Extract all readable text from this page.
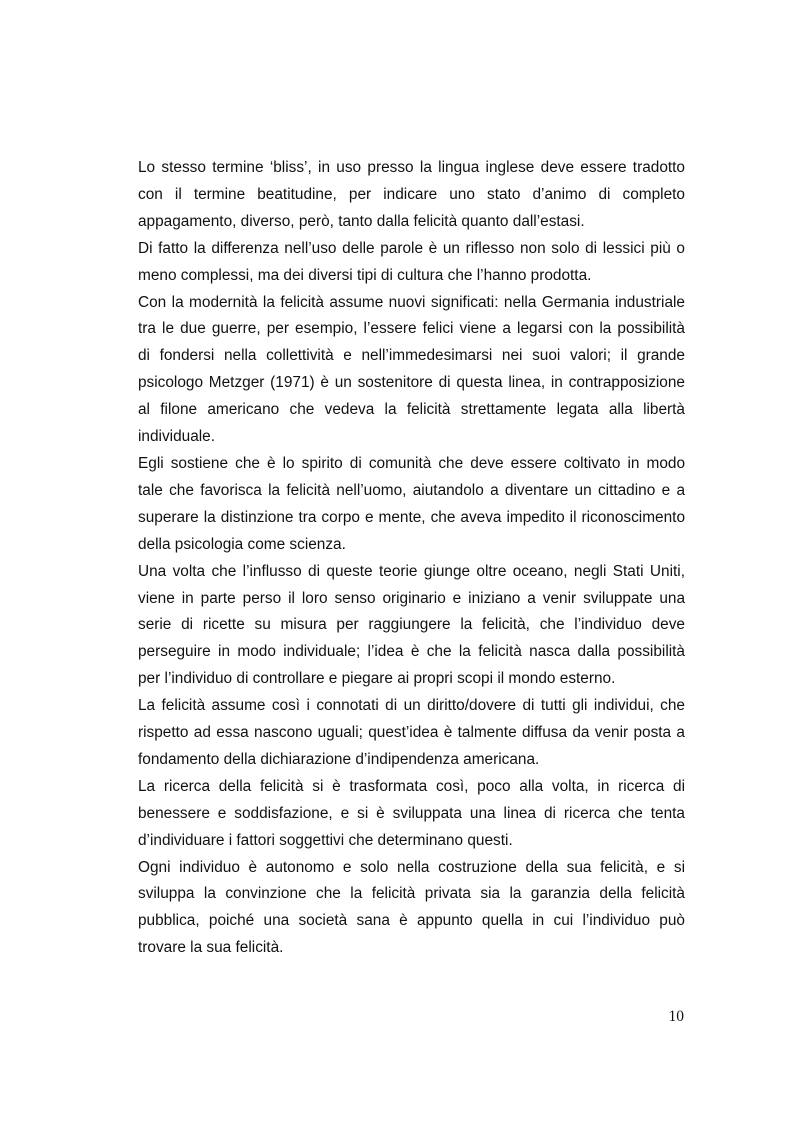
Lo stesso termine ‘bliss’, in uso presso la lingua inglese deve essere tradotto
con il termine beatitudine, per indicare uno stato d’animo di completo
appagamento, diverso, però, tanto dalla felicità quanto dall’estasi.

Di fatto la differenza nell’uso delle parole è un riflesso non solo di lessici più o
meno complessi, ma dei diversi tipi di cultura che l’hanno prodotta.

Con la modernità la felicità assume nuovi significati: nella Germania industriale
tra le due guerre, per esempio, l’essere felici viene a legarsi con la possibilità
di fondersi nella collettività e nell’immedesimarsi nei suoi valori; il grande
psicologo Metzger (1971) è un sostenitore di questa linea, in contrapposizione
al filone americano che vedeva la felicità strettamente legata alla libertà
individuale.

Egli sostiene che è lo spirito di comunità che deve essere coltivato in modo
tale che favorisca la felicità nell’uomo, aiutandolo a diventare un cittadino e a
superare la distinzione tra corpo e mente, che aveva impedito il riconoscimento
della psicologia come scienza.

Una volta che l’influsso di queste teorie giunge oltre oceano, negli Stati Uniti,
viene in parte perso il loro senso originario e iniziano a venir sviluppate una
serie di ricette su misura per raggiungere la felicità, che l’individuo deve
perseguire in modo individuale; l’idea è che la felicità nasca dalla possibilità
per l’individuo di controllare e piegare ai propri scopi il mondo esterno.

La felicità assume così i connotati di un diritto/dovere di tutti gli individui, che
rispetto ad essa nascono uguali; quest’idea è talmente diffusa da venir posta a
fondamento della dichiarazione d’indipendenza americana.

La ricerca della felicità si è trasformata così, poco alla volta, in ricerca di
benessere e soddisfazione, e si è sviluppata una linea di ricerca che tenta
d’individuare i fattori soggettivi che determinano questi.

Ogni individuo è autonomo e solo nella costruzione della sua felicità, e si
sviluppa la convinzione che la felicità privata sia la garanzia della felicità
pubblica, poiché una società sana è appunto quella in cui l’individuo può
trovare la sua felicità.

10
